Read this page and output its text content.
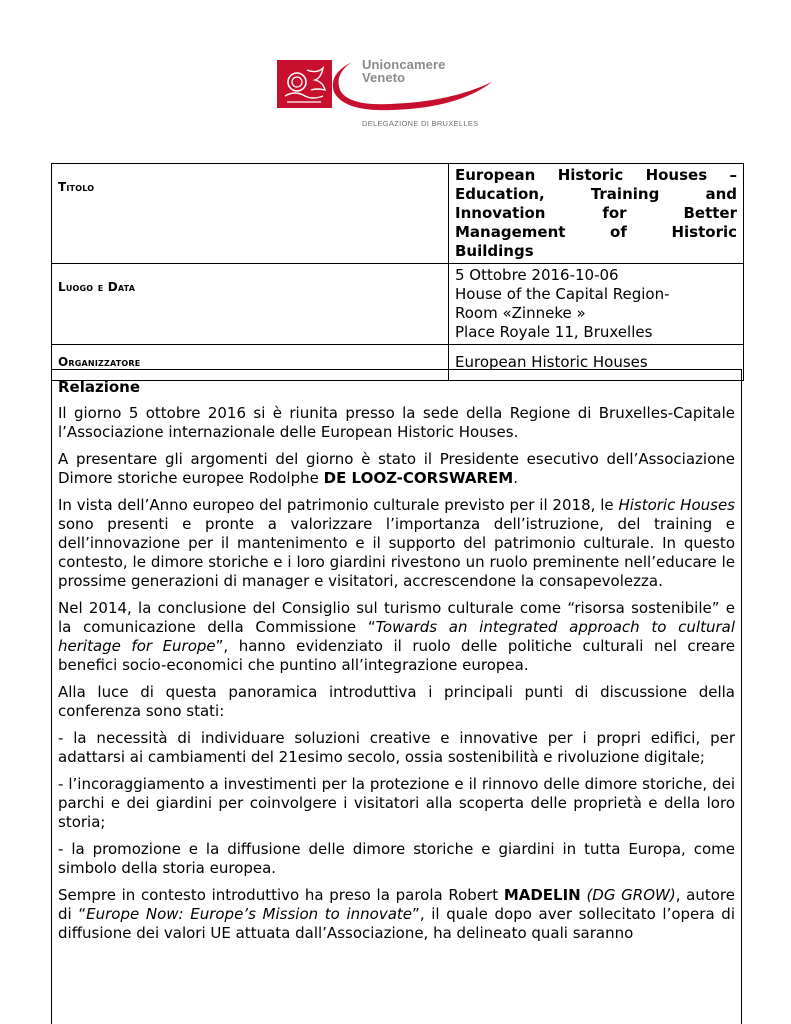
Unioncamere
Veneto
DELEGAZIONE DI BRUXELLES
Titolo	European Historic Houses –
Education, Training and
Innovation for Better
Management of Historic
Buildings

Luogo e Data	5 Ottobre 2016-10-06
House of the Capital Region-
Room «Zinneke »
Place Royale 11, Bruxelles

Organizzatore	European Historic Houses
Relazione

Il giorno 5 ottobre 2016 si è riunita presso la sede della Regione di Bruxelles-Capitale l’Associazione internazionale delle European Historic Houses.

A presentare gli argomenti del giorno è stato il Presidente esecutivo dell’Associazione Dimore storiche europee Rodolphe DE LOOZ-CORSWAREM.

In vista dell’Anno europeo del patrimonio culturale previsto per il 2018, le Historic Houses sono presenti e pronte a valorizzare l’importanza dell’istruzione, del training e dell’innovazione per il mantenimento e il supporto del patrimonio culturale. In questo contesto, le dimore storiche e i loro giardini rivestono un ruolo preminente nell’educare le prossime generazioni di manager e visitatori, accrescendone la consapevolezza.

Nel 2014, la conclusione del Consiglio sul turismo culturale come “risorsa sostenibile” e la comunicazione della Commissione “Towards an integrated approach to cultural heritage for Europe”, hanno evidenziato il ruolo delle politiche culturali nel creare benefici socio-economici che puntino all’integrazione europea.

Alla luce di questa panoramica introduttiva i principali punti di discussione della conferenza sono stati:

- la necessità di individuare soluzioni creative e innovative per i propri edifici, per adattarsi ai cambiamenti del 21esimo secolo, ossia sostenibilità e rivoluzione digitale;

- l’incoraggiamento a investimenti per la protezione e il rinnovo delle dimore storiche, dei parchi e dei giardini per coinvolgere i visitatori alla scoperta delle proprietà e della loro storia;

- la promozione e la diffusione delle dimore storiche e giardini in tutta Europa, come simbolo della storia europea.

Sempre in contesto introduttivo ha preso la parola Robert MADELIN (DG GROW), autore di “Europe Now: Europe’s Mission to innovate”, il quale dopo aver sollecitato l’opera di diffusione dei valori UE attuata dall’Associazione, ha delineato quali saranno
